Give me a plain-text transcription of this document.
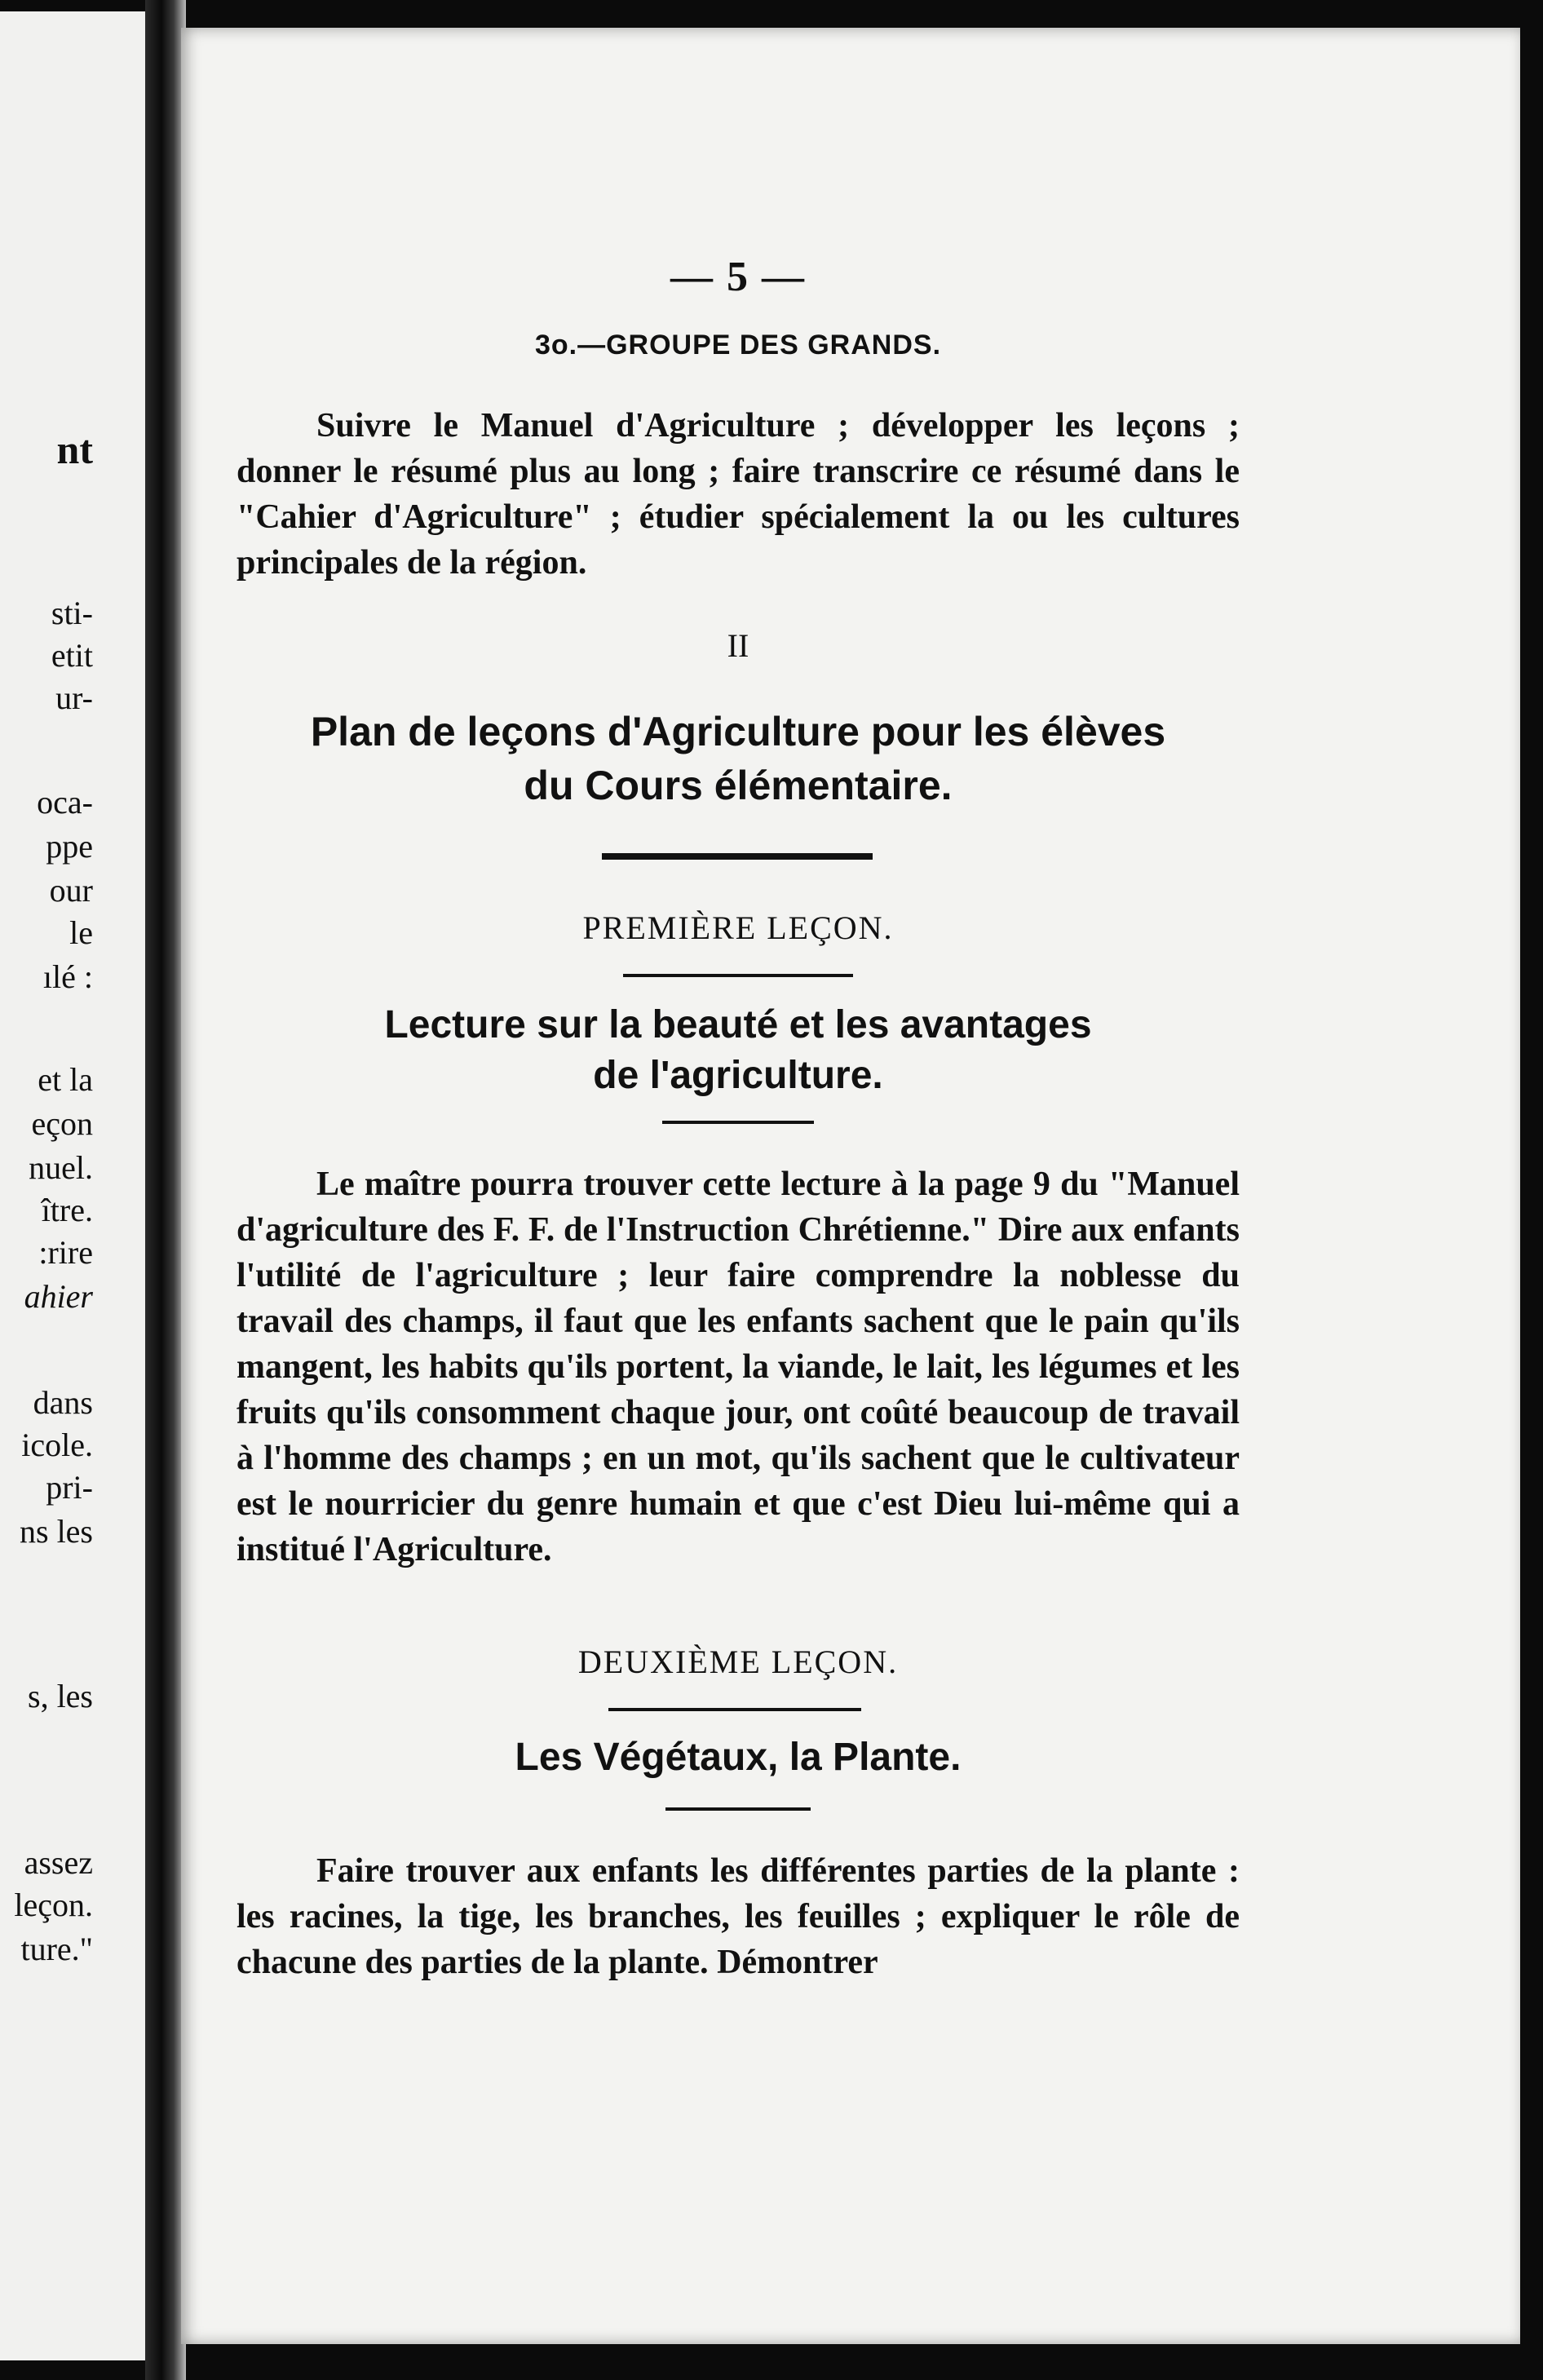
nt
sti-
etit
ur-
oca-
ppe
our
le
ılé :
et la
eçon
nuel.
ître.
:rire
ahier
dans
icole.
pri-
ns les
s, les
assez
leçon.
ture."
— 5 —
3o.—GROUPE DES GRANDS.

Suivre le Manuel d'Agriculture ; développer les leçons ; donner le résumé plus au long ; faire transcrire ce résumé dans le "Cahier d'Agriculture" ; étudier spécialement la ou les cultures principales de la région.

II
Plan de leçons d'Agriculture pour les élèves
du Cours élémentaire.
PREMIÈRE LEÇON.
Lecture sur la beauté et les avantages
de l'agriculture.

Le maître pourra trouver cette lecture à la page 9 du "Manuel d'agriculture des F. F. de l'Instruction Chrétienne." Dire aux enfants l'utilité de l'agriculture ; leur faire comprendre la noblesse du travail des champs, il faut que les enfants sachent que le pain qu'ils mangent, les habits qu'ils portent, la viande, le lait, les légumes et les fruits qu'ils consomment chaque jour, ont coûté beaucoup de travail à l'homme des champs ; en un mot, qu'ils sachent que le cultivateur est le nourricier du genre humain et que c'est Dieu lui-même qui a institué l'Agriculture.

DEUXIÈME LEÇON.
Les Végétaux, la Plante.

Faire trouver aux enfants les différentes parties de la plante : les racines, la tige, les branches, les feuilles ; expliquer le rôle de chacune des parties de la plante. Démontrer
